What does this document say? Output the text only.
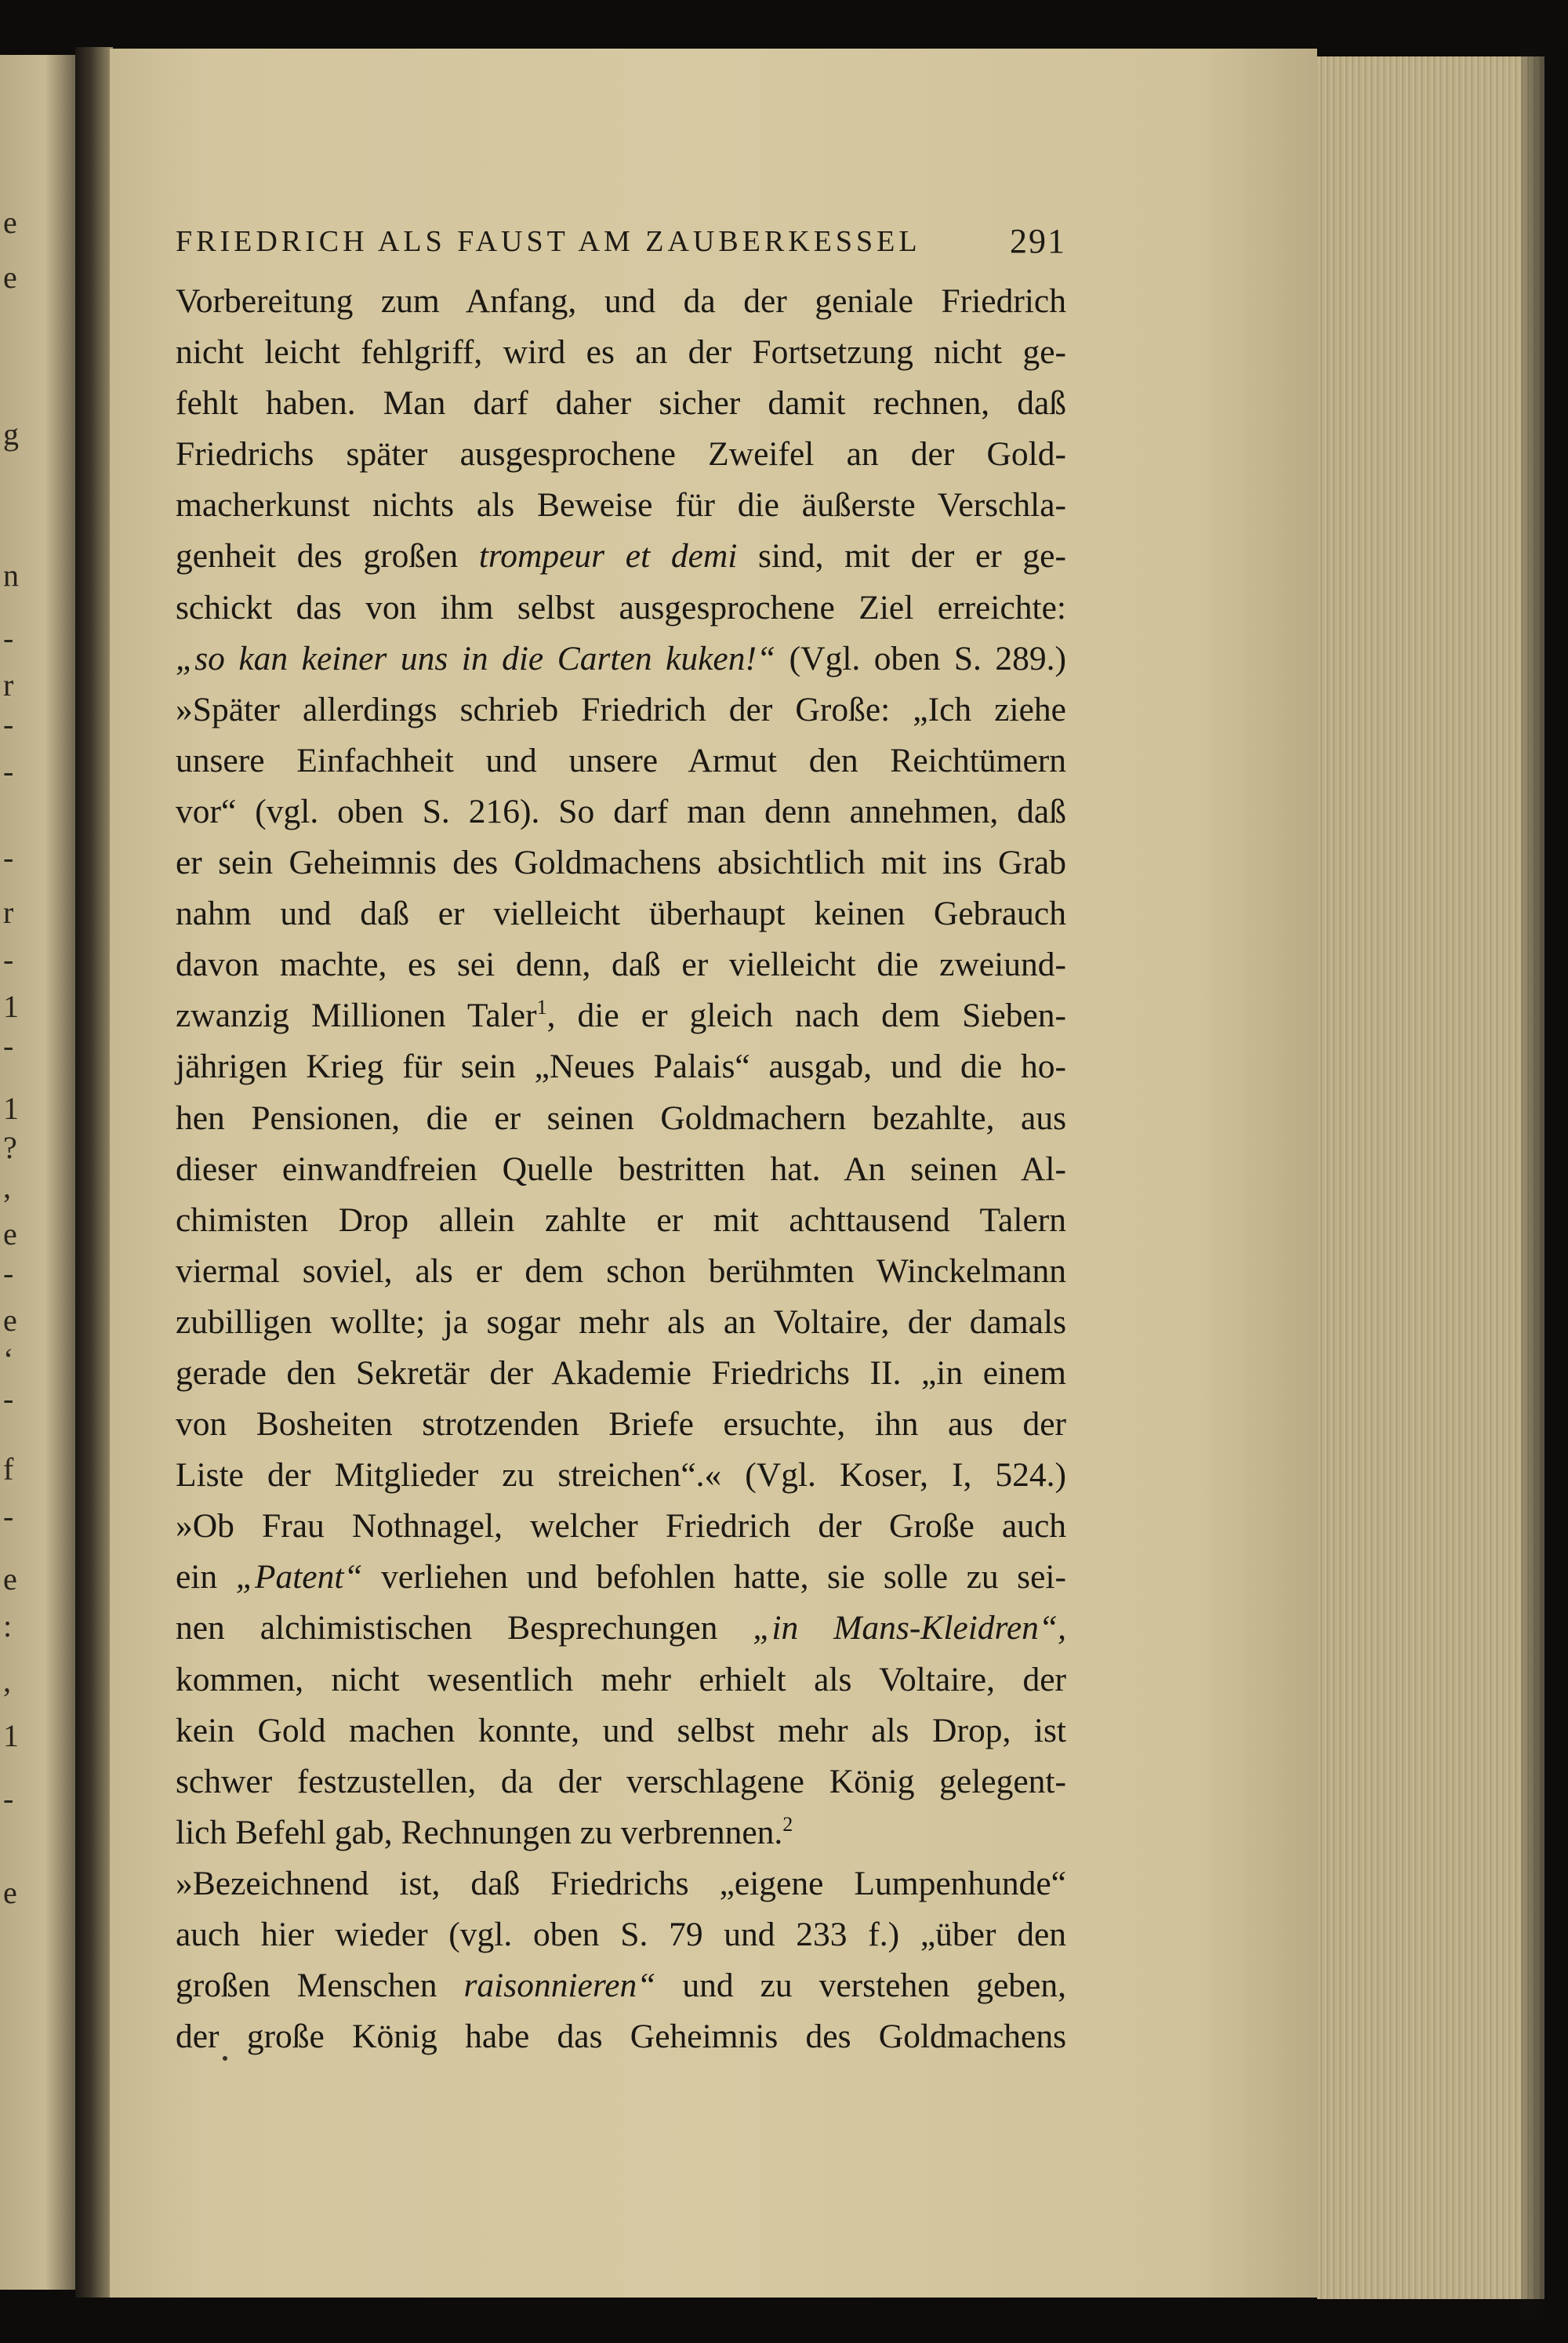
e
e
g
n
-
r
-
-
-
r
-
1
-
1
?
,
e
-
e
‘
-
f
-
e
:
,
1
-
e
FRIEDRICH ALS FAUST AM ZAUBERKESSEL	291
Vorbereitung zum Anfang, und da der geniale Friedrich
nicht leicht fehlgriff, wird es an der Fortsetzung nicht ge-
fehlt haben. Man darf daher sicher damit rechnen, daß
Friedrichs später ausgesprochene Zweifel an der Gold-
macherkunst nichts als Beweise für die äußerste Verschla-
genheit des großen trompeur et demi sind, mit der er ge-
schickt das von ihm selbst ausgesprochene Ziel erreichte:
„so kan keiner uns in die Carten kuken!“ (Vgl. oben S. 289.)
»Später allerdings schrieb Friedrich der Große: „Ich ziehe
unsere Einfachheit und unsere Armut den Reichtümern
vor“ (vgl. oben S. 216). So darf man denn annehmen, daß
er sein Geheimnis des Goldmachens absichtlich mit ins Grab
nahm und daß er vielleicht überhaupt keinen Gebrauch
davon machte, es sei denn, daß er vielleicht die zweiund-
zwanzig Millionen Taler$^1$, die er gleich nach dem Sieben-
jährigen Krieg für sein „Neues Palais“ ausgab, und die ho-
hen Pensionen, die er seinen Goldmachern bezahlte, aus
dieser einwandfreien Quelle bestritten hat. An seinen Al-
chimisten Drop allein zahlte er mit achttausend Talern
viermal soviel, als er dem schon berühmten Winckelmann
zubilligen wollte; ja sogar mehr als an Voltaire, der damals
gerade den Sekretär der Akademie Friedrichs II. „in einem
von Bosheiten strotzenden Briefe ersuchte, ihn aus der
Liste der Mitglieder zu streichen“.« (Vgl. Koser, I, 524.)
»Ob Frau Nothnagel, welcher Friedrich der Große auch
ein „Patent“ verliehen und befohlen hatte, sie solle zu sei-
nen alchimistischen Besprechungen „in Mans-Kleidren“,
kommen, nicht wesentlich mehr erhielt als Voltaire, der
kein Gold machen konnte, und selbst mehr als Drop, ist
schwer festzustellen, da der verschlagene König gelegent-
lich Befehl gab, Rechnungen zu verbrennen.$^2$
»Bezeichnend ist, daß Friedrichs „eigene Lumpenhunde“
auch hier wieder (vgl. oben S. 79 und 233 f.) „über den
großen Menschen raisonnieren“ und zu verstehen geben,
der große König habe das Geheimnis des Goldmachens
